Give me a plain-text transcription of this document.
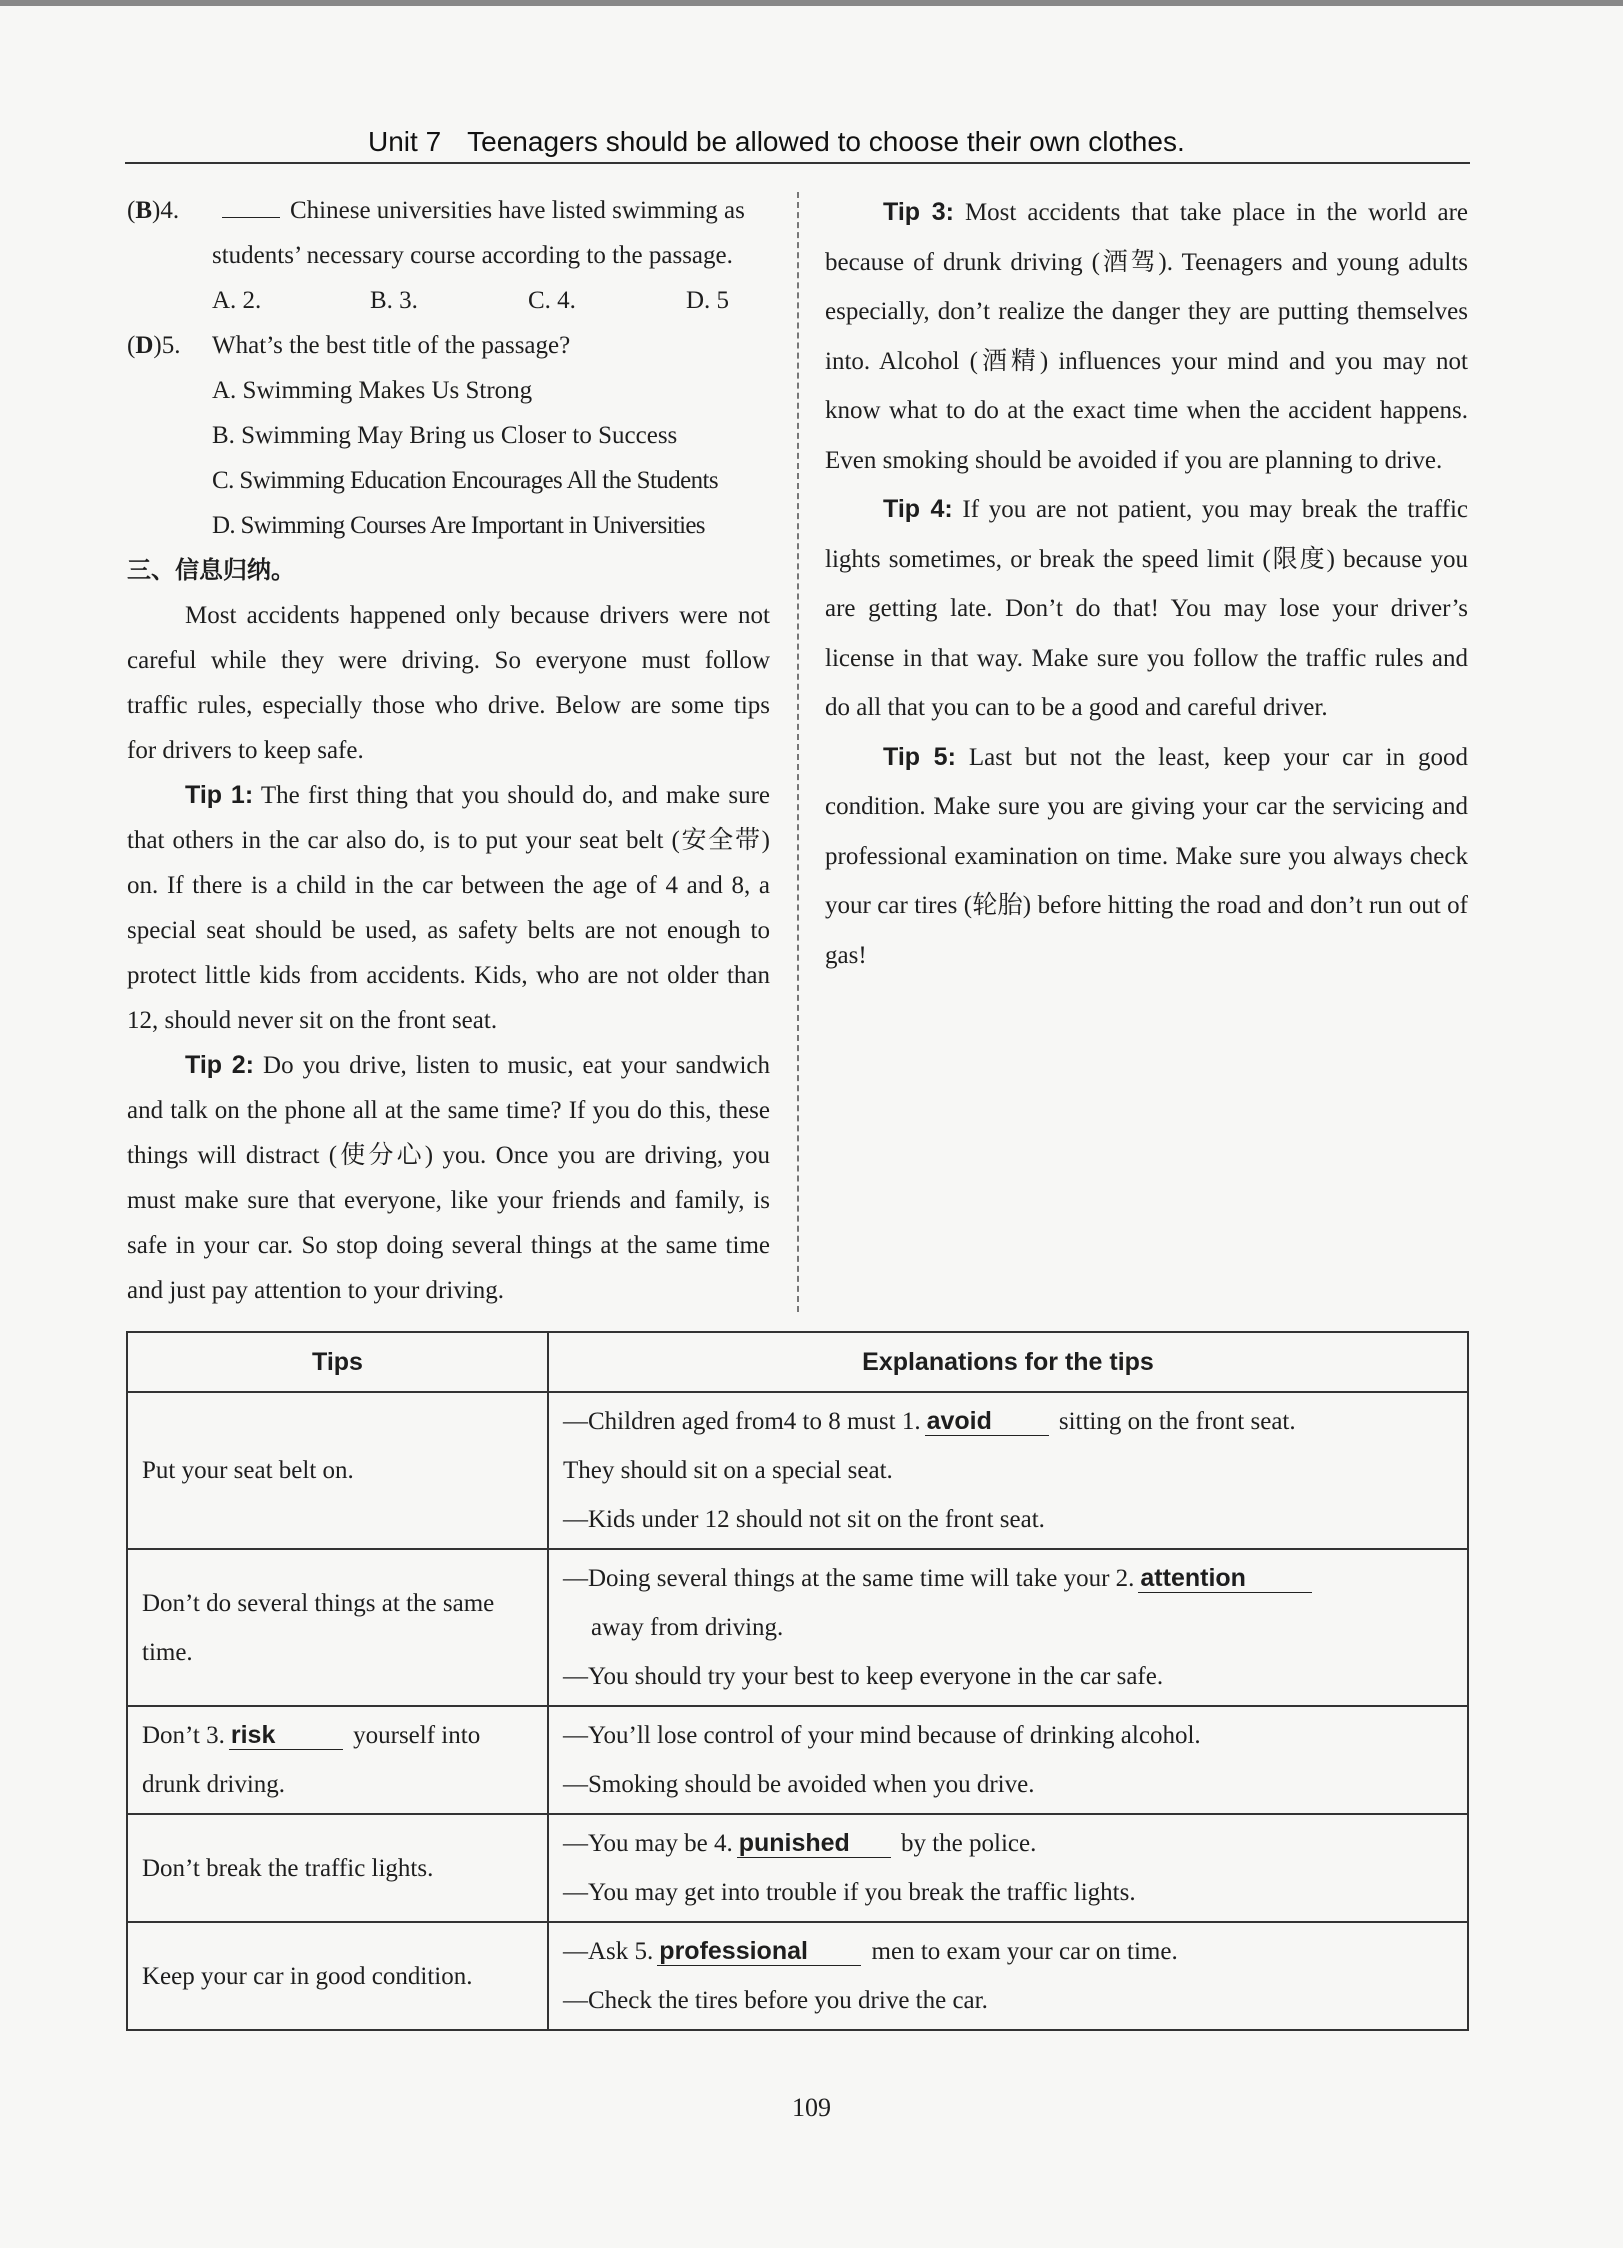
Unit 7 Teenagers should be allowed to choose their own clothes.

(B)4.	Chinese universities have listed swimming as students’ necessary course according to the passage.

A. 2.	B. 3.	C. 4.	D. 5

(D)5. What’s the best title of the passage?

A. Swimming Makes Us Strong

B. Swimming May Bring us Closer to Success

C. Swimming Education Encourages All the Students

D. Swimming Courses Are Important in Universities

三、信息归纳。

Most accidents happened only because drivers were not careful while they were driving. So everyone must follow traffic rules, especially those who drive. Below are some tips for drivers to keep safe.

Tip 1: The first thing that you should do, and make sure that others in the car also do, is to put your seat belt (安全带) on. If there is a child in the car between the age of 4 and 8, a special seat should be used, as safety belts are not enough to protect little kids from accidents. Kids, who are not older than 12, should never sit on the front seat.

Tip 2: Do you drive, listen to music, eat your sandwich and talk on the phone all at the same time? If you do this, these things will distract (使分心) you. Once you are driving, you must make sure that everyone, like your friends and family, is safe in your car. So stop doing several things at the same time and just pay attention to your driving.

Tip 3: Most accidents that take place in the world are because of drunk driving (酒驾). Teenagers and young adults especially, don’t realize the danger they are putting themselves into. Alcohol (酒精) influences your mind and you may not know what to do at the exact time when the accident happens. Even smoking should be avoided if you are planning to drive.

Tip 4: If you are not patient, you may break the traffic lights sometimes, or break the speed limit (限度) because you are getting late. Don’t do that! You may lose your driver’s license in that way. Make sure you follow the traffic rules and do all that you can to be a good and careful driver.

Tip 5: Last but not the least, keep your car in good condition. Make sure you are giving your car the servicing and professional examination on time. Make sure you always check your car tires (轮胎) before hitting the road and don’t run out of gas!

Tips	Explanations for the tips
Put your seat belt on.	—Children aged from4 to 8 must 1. avoid sitting on the front seat.
They should sit on a special seat.
—Kids under 12 should not sit on the front seat.

Don’t do several things at the same time.	—Doing several things at the same time will take your 2. attention
away from driving.
—You should try your best to keep everyone in the car safe.

Don’t 3. risk yourself into drunk driving.	—You’ll lose control of your mind because of drinking alcohol.
—Smoking should be avoided when you drive.

Don’t break the traffic lights.	—You may be 4. punished by the police.
—You may get into trouble if you break the traffic lights.

Keep your car in good condition.	—Ask 5. professional men to exam your car on time.
—Check the tires before you drive the car.
109
